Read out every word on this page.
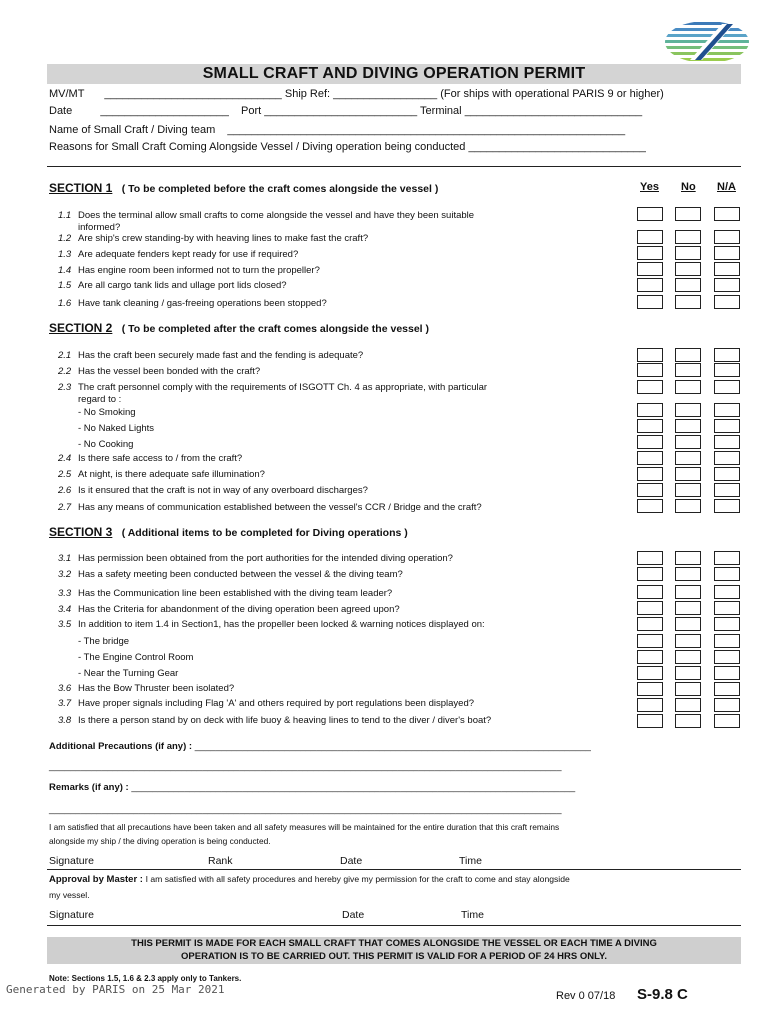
SMALL CRAFT AND DIVING OPERATION PERMIT
MV/MT _____________________________ Ship Ref: _________________ (For ships with operational PARIS 9 or higher)
Date	_____________________ Port _________________________ Terminal _____________________________
Name of Small Craft / Diving team _________________________________________________________________
Reasons for Small Craft Coming Alongside Vessel / Diving operation being conducted _____________________________
SECTION 1 ( To be completed before the craft comes alongside the vessel )	Yes No N/A
1.1 Does the terminal allow small crafts to come alongside the vessel and have they been suitable
informed?
1.2 Are ship's crew standing-by with heaving lines to make fast the craft?
1.3 Are adequate fenders kept ready for use if required?
1.4 Has engine room been informed not to turn the propeller?
1.5 Are all cargo tank lids and ullage port lids closed?
1.6 Have tank cleaning / gas-freeing operations been stopped?
SECTION 2 ( To be completed after the craft comes alongside the vessel )
2.1 Has the craft been securely made fast and the fending is adequate?
2.2 Has the vessel been bonded with the craft?
2.3 The craft personnel comply with the requirements of ISGOTT Ch. 4 as appropriate, with particular
regard to :
- No Smoking
- No Naked Lights
- No Cooking
2.4 Is there safe access to / from the craft?
2.5 At night, is there adequate safe illumination?
2.6 Is it ensured that the craft is not in way of any overboard discharges?
2.7 Has any means of communication established between the vessel's CCR / Bridge and the craft?
SECTION 3 ( Additional items to be completed for Diving operations )
3.1 Has permission been obtained from the port authorities for the intended diving operation?
3.2 Has a safety meeting been conducted between the vessel & the diving team?
3.3 Has the Communication line been established with the diving team leader?
3.4 Has the Criteria for abandonment of the diving operation been agreed upon?
3.5 In addition to item 1.4 in Section1, has the propeller been locked & warning notices displayed on:
- The bridge
- The Engine Control Room
- Near the Turning Gear
3.6 Has the Bow Thruster been isolated?
3.7 Have proper signals including Flag 'A' and others required by port regulations been displayed?
3.8 Is there a person stand by on deck with life buoy & heaving lines to tend to the diver / diver's boat?
Additional Precautions (if any) : ___________________________________________________________________________
_________________________________________________________________________________________________
Remarks (if any) : ____________________________________________________________________________________
_________________________________________________________________________________________________
I am satisfied that all precautions have been taken and all safety measures will be maintained for the entire duration that this craft remains
alongside my ship / the diving operation is being conducted.
Signature	Rank	Date	Time
Approval by Master : I am satisfied with all safety procedures and hereby give my permission for the craft to come and stay alongside
my vessel.
Signature	Date	Time
THIS PERMIT IS MADE FOR EACH SMALL CRAFT THAT COMES ALONGSIDE THE VESSEL OR EACH TIME A DIVING
OPERATION IS TO BE CARRIED OUT. THIS PERMIT IS VALID FOR A PERIOD OF 24 HRS ONLY.
Note: Sections 1.5, 1.6 & 2.3 apply only to Tankers.
Generated by PARIS on 25 Mar 2021	Rev 0 07/18 S-9.8 C
